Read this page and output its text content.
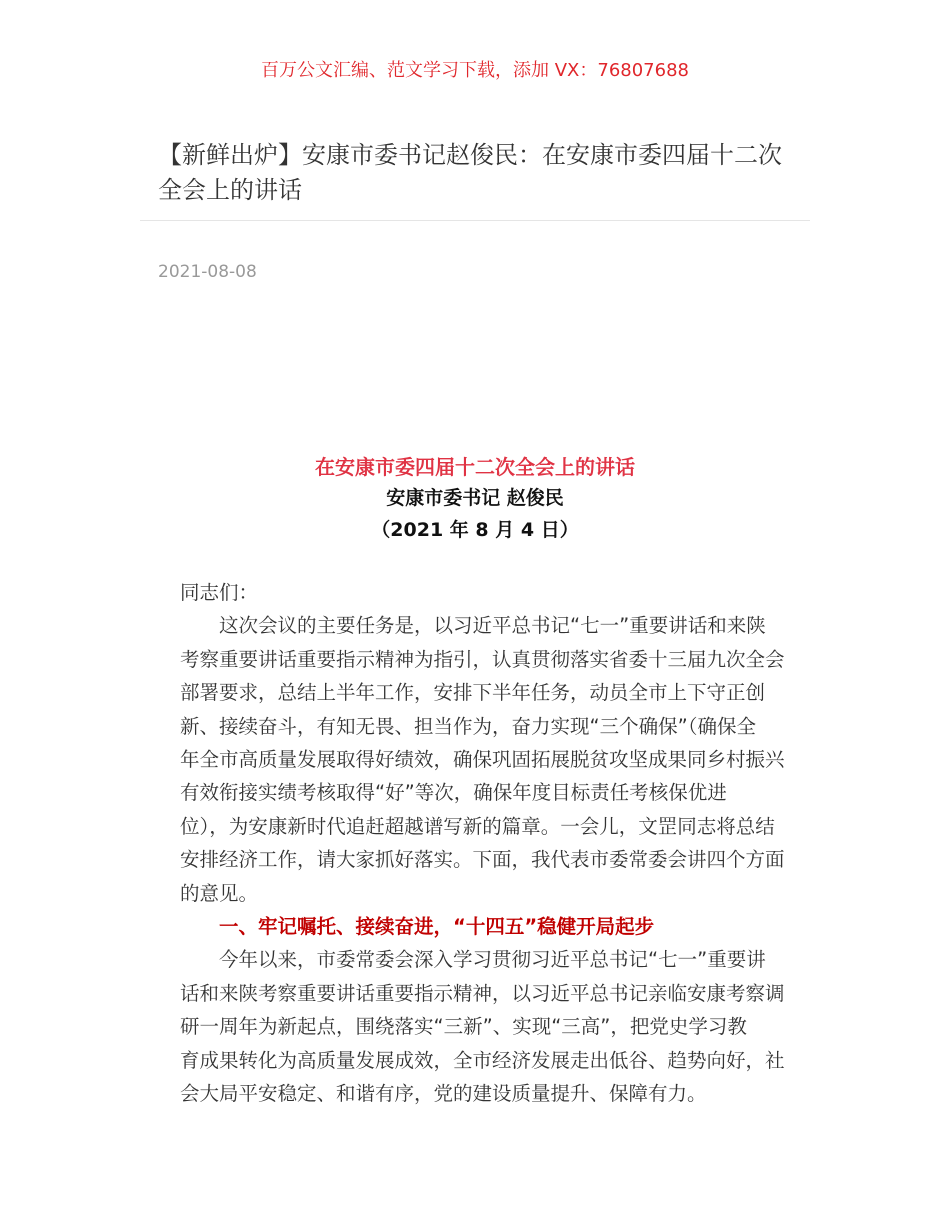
百万公文汇编、范文学习下载，添加 VX：76807688
【新鲜出炉】安康市委书记赵俊民：在安康市委四届十二次全会上的讲话
2021-08-08
在安康市委四届十二次全会上的讲话
安康市委书记 赵俊民
（2021 年 8 月 4 日）
同志们：
这次会议的主要任务是，以习近平总书记“七一”重要讲话和来陕
考察重要讲话重要指示精神为指引，认真贯彻落实省委十三届九次全会
部署要求，总结上半年工作，安排下半年任务，动员全市上下守正创
新、接续奋斗，有知无畏、担当作为，奋力实现“三个确保”（确保全
年全市高质量发展取得好绩效，确保巩固拓展脱贫攻坚成果同乡村振兴
有效衔接实绩考核取得“好”等次，确保年度目标责任考核保优进
位），为安康新时代追赶超越谱写新的篇章。一会儿，文罡同志将总结
安排经济工作，请大家抓好落实。下面，我代表市委常委会讲四个方面
的意见。
一、牢记嘱托、接续奋进，“十四五”稳健开局起步
今年以来，市委常委会深入学习贯彻习近平总书记“七一”重要讲
话和来陕考察重要讲话重要指示精神，以习近平总书记亲临安康考察调
研一周年为新起点，围绕落实“三新”、实现“三高”，把党史学习教
育成果转化为高质量发展成效，全市经济发展走出低谷、趋势向好，社
会大局平安稳定、和谐有序，党的建设质量提升、保障有力。
